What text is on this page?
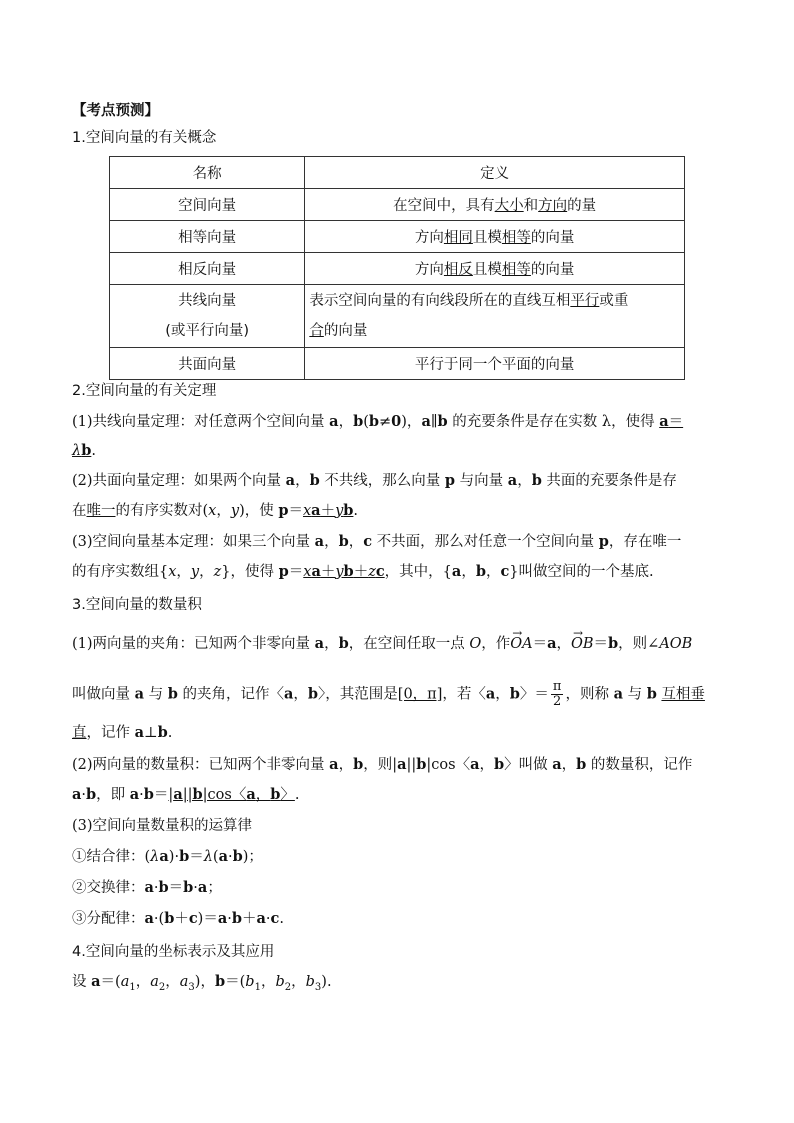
【考点预测】
1.空间向量的有关概念
名称	定义
空间向量	在空间中，具有大小和方向的量
相等向量	方向相同且模相等的向量
相反向量	方向相反且模相等的向量
共线向量
(或平行向量)	表示空间向量的有向线段所在的直线互相平行或重
合的向量
共面向量	平行于同一个平面的向量
2.空间向量的有关定理
(1)共线向量定理：对任意两个空间向量 a，b(b≠0)，a∥b 的充要条件是存在实数 λ，使得 a＝
λb.
(2)共面向量定理：如果两个向量 a，b 不共线，那么向量 p 与向量 a，b 共面的充要条件是存
在唯一的有序实数对(x，y)，使 p＝xa＋yb.
(3)空间向量基本定理：如果三个向量 a，b，c 不共面，那么对任意一个空间向量 p，存在唯一
的有序实数组{x，y，z}，使得 p＝xa＋yb＋zc，其中，{a，b，c}叫做空间的一个基底.
3.空间向量的数量积
(1)两向量的夹角：已知两个非零向量 a，b，在空间任取一点 O，作→ OA＝a，→ OB＝b，则∠AOB
叫做向量 a 与 b 的夹角，记作〈a，b〉，其范围是[0，π]，若〈a，b〉＝ $\frac{\pi}{2}$ ，则称 a 与 b 互相垂
直，记作 a⊥b.
(2)两向量的数量积：已知两个非零向量 a，b，则|a||b|cos〈a，b〉叫做 a，b 的数量积，记作
a·b，即 a·b＝|a||b|cos〈a，b〉.
(3)空间向量数量积的运算律
①结合律：(λa)·b＝λ(a·b)；
②交换律：a·b＝b·a；
③分配律：a·(b＋c)＝a·b＋a·c.
4.空间向量的坐标表示及其应用
设 $a=(a_1$，$a_2$，$a_3$)，$b=(b_1$，$b_2$，$b_3$).
